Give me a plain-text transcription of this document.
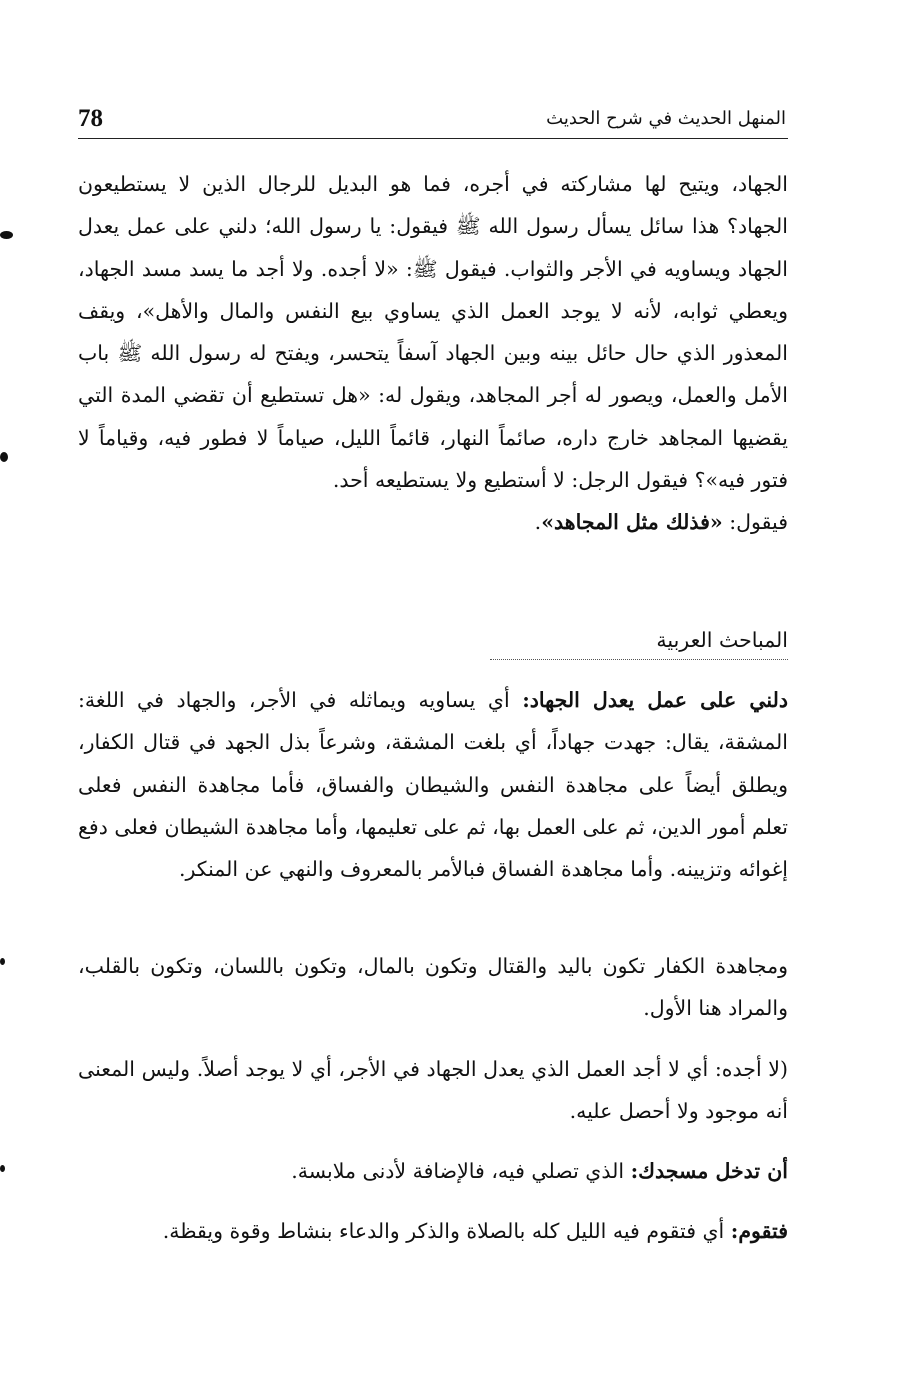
78	المنهل الحديث في شرح الحديث

الجهاد، ويتيح لها مشاركته في أجره، فما هو البديل للرجال الذين لا يستطيعون الجهاد؟ هذا سائل يسأل رسول الله ﷺ فيقول: يا رسول الله؛ دلني على عمل يعدل الجهاد ويساويه في الأجر والثواب. فيقول ﷺ: «لا أجده. ولا أجد ما يسد مسد الجهاد، ويعطي ثوابه، لأنه لا يوجد العمل الذي يساوي بيع النفس والمال والأهل»، ويقف المعذور الذي حال حائل بينه وبين الجهاد آسفاً يتحسر، ويفتح له رسول الله ﷺ باب الأمل والعمل، ويصور له أجر المجاهد، ويقول له: «هل تستطيع أن تقضي المدة التي يقضيها المجاهد خارج داره، صائماً النهار، قائماً الليل، صياماً لا فطور فيه، وقياماً لا فتور فيه»؟ فيقول الرجل: لا أستطيع ولا يستطيعه أحد.
فيقول: «فذلك مثل المجاهد».

المباحث العربية

دلني على عمل يعدل الجهاد: أي يساويه ويماثله في الأجر، والجهاد في اللغة: المشقة، يقال: جهدت جهاداً، أي بلغت المشقة، وشرعاً بذل الجهد في قتال الكفار، ويطلق أيضاً على مجاهدة النفس والشيطان والفساق، فأما مجاهدة النفس فعلى تعلم أمور الدين، ثم على العمل بها، ثم على تعليمها، وأما مجاهدة الشيطان فعلى دفع إغوائه وتزيينه. وأما مجاهدة الفساق فبالأمر بالمعروف والنهي عن المنكر.

ومجاهدة الكفار تكون باليد والقتال وتكون بالمال، وتكون باللسان، وتكون بالقلب، والمراد هنا الأول.

(لا أجده: أي لا أجد العمل الذي يعدل الجهاد في الأجر، أي لا يوجد أصلاً. وليس المعنى أنه موجود ولا أحصل عليه.

أن تدخل مسجدك: الذي تصلي فيه، فالإضافة لأدنى ملابسة.

فتقوم: أي فتقوم فيه الليل كله بالصلاة والذكر والدعاء بنشاط وقوة ويقظة.
